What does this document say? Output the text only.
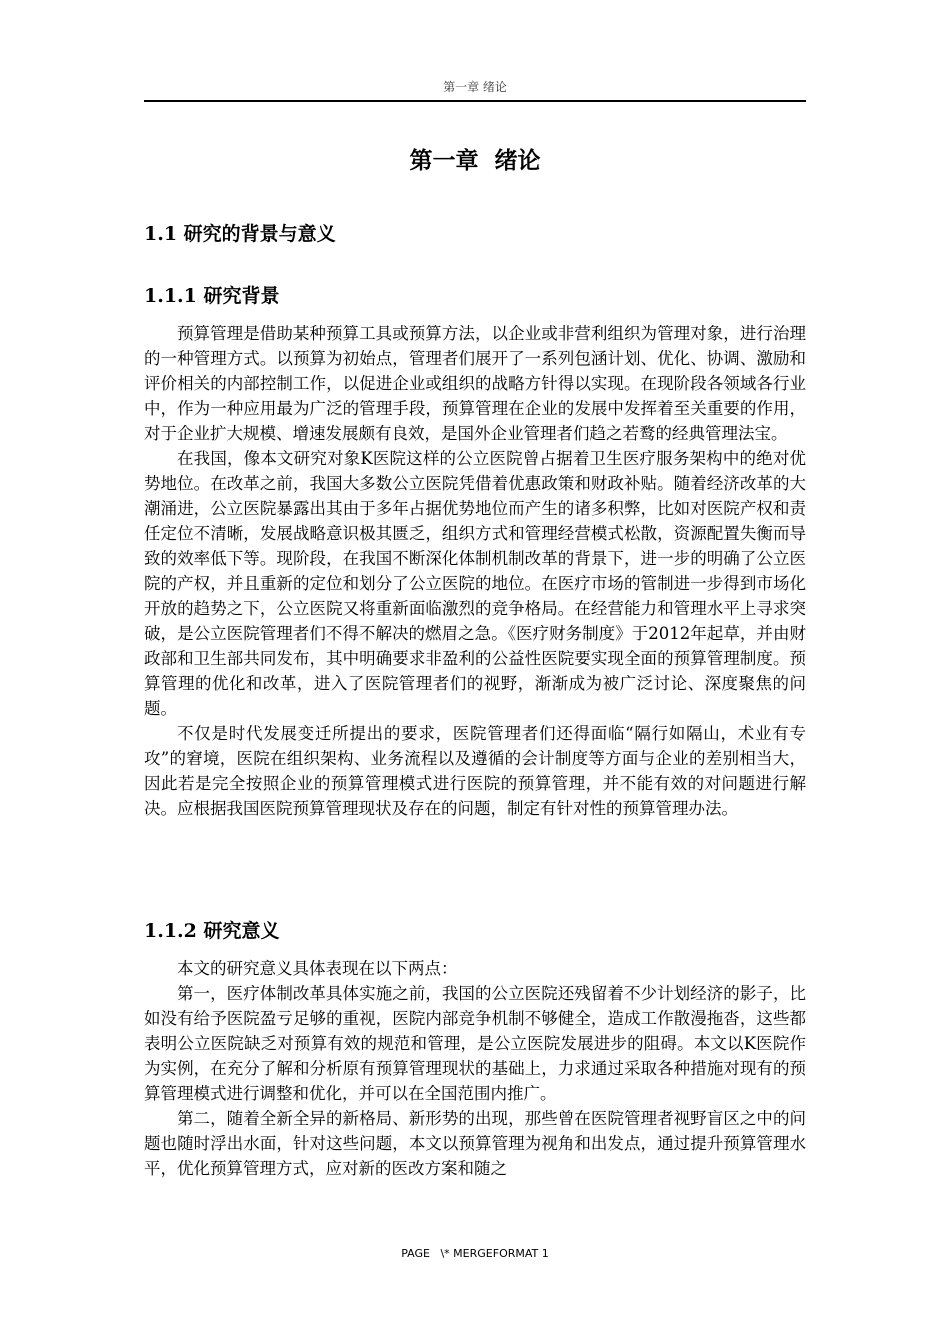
第一章 绪论
第一章  绪论
1.1 研究的背景与意义
1.1.1 研究背景

预算管理是借助某种预算工具或预算方法，以企业或非营利组织为管理对象，进行治理的一种管理方式。以预算为初始点，管理者们展开了一系列包涵计划、优化、协调、激励和评价相关的内部控制工作，以促进企业或组织的战略方针得以实现。在现阶段各领域各行业中，作为一种应用最为广泛的管理手段，预算管理在企业的发展中发挥着至关重要的作用，对于企业扩大规模、增速发展颇有良效，是国外企业管理者们趋之若鹜的经典管理法宝。

在我国，像本文研究对象K医院这样的公立医院曾占据着卫生医疗服务架构中的绝对优势地位。在改革之前，我国大多数公立医院凭借着优惠政策和财政补贴。随着经济改革的大潮涌进，公立医院暴露出其由于多年占据优势地位而产生的诸多积弊，比如对医院产权和责任定位不清晰，发展战略意识极其匮乏，组织方式和管理经营模式松散，资源配置失衡而导致的效率低下等。现阶段，在我国不断深化体制机制改革的背景下，进一步的明确了公立医院的产权，并且重新的定位和划分了公立医院的地位。在医疗市场的管制进一步得到市场化开放的趋势之下，公立医院又将重新面临激烈的竞争格局。在经营能力和管理水平上寻求突破，是公立医院管理者们不得不解决的燃眉之急。《医疗财务制度》于2012年起草，并由财政部和卫生部共同发布，其中明确要求非盈利的公益性医院要实现全面的预算管理制度。预算管理的优化和改革，进入了医院管理者们的视野，渐渐成为被广泛讨论、深度聚焦的问题。

不仅是时代发展变迁所提出的要求，医院管理者们还得面临“隔行如隔山，术业有专攻”的窘境，医院在组织架构、业务流程以及遵循的会计制度等方面与企业的差别相当大，因此若是完全按照企业的预算管理模式进行医院的预算管理，并不能有效的对问题进行解决。应根据我国医院预算管理现状及存在的问题，制定有针对性的预算管理办法。

1.1.2 研究意义

本文的研究意义具体表现在以下两点：

第一，医疗体制改革具体实施之前，我国的公立医院还残留着不少计划经济的影子，比如没有给予医院盈亏足够的重视，医院内部竞争机制不够健全，造成工作散漫拖沓，这些都表明公立医院缺乏对预算有效的规范和管理，是公立医院发展进步的阻碍。本文以K医院作为实例，在充分了解和分析原有预算管理现状的基础上，力求通过采取各种措施对现有的预算管理模式进行调整和优化，并可以在全国范围内推广。

第二，随着全新全异的新格局、新形势的出现，那些曾在医院管理者视野盲区之中的问题也随时浮出水面，针对这些问题，本文以预算管理为视角和出发点，通过提升预算管理水平，优化预算管理方式，应对新的医改方案和随之

PAGE   \* MERGEFORMAT 1
